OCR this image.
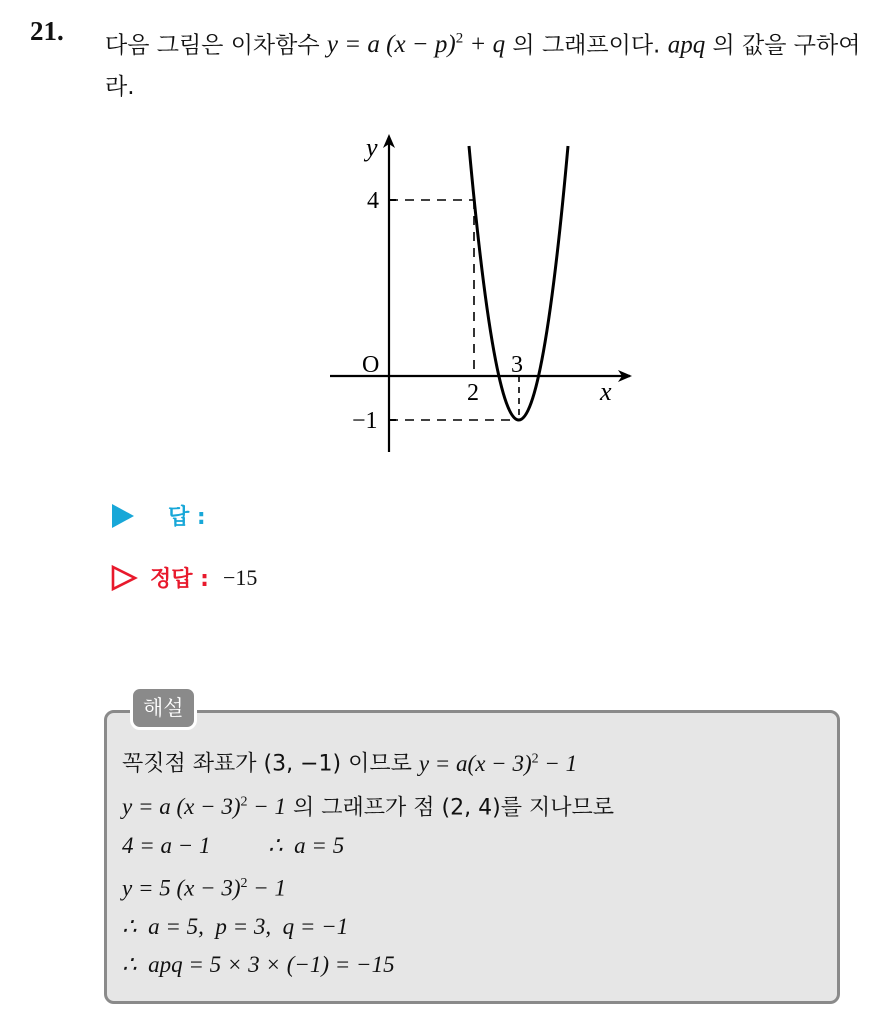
21. 다음 그림은 이차함수 y = a $(x - p)^2 + q$ 의 그래프이다. apq 의 값을 구하여라.
y
x
O
4
−1
2
3
답 :
정답 : −15
해설
꼭짓점 좌표가 (3, −1) 이므로 $y = a(x - 3)^2 - 1$
y = a $(x - 3)^2 - 1$ 의 그래프가 점 (2, 4)를 지나므로
4 = a − 1          ∴  a = 5
y = 5 $(x - 3)^2 - 1$
∴  a = 5,  p = 3,  q = −1
∴  apq = 5 × 3 × (−1) = −15
